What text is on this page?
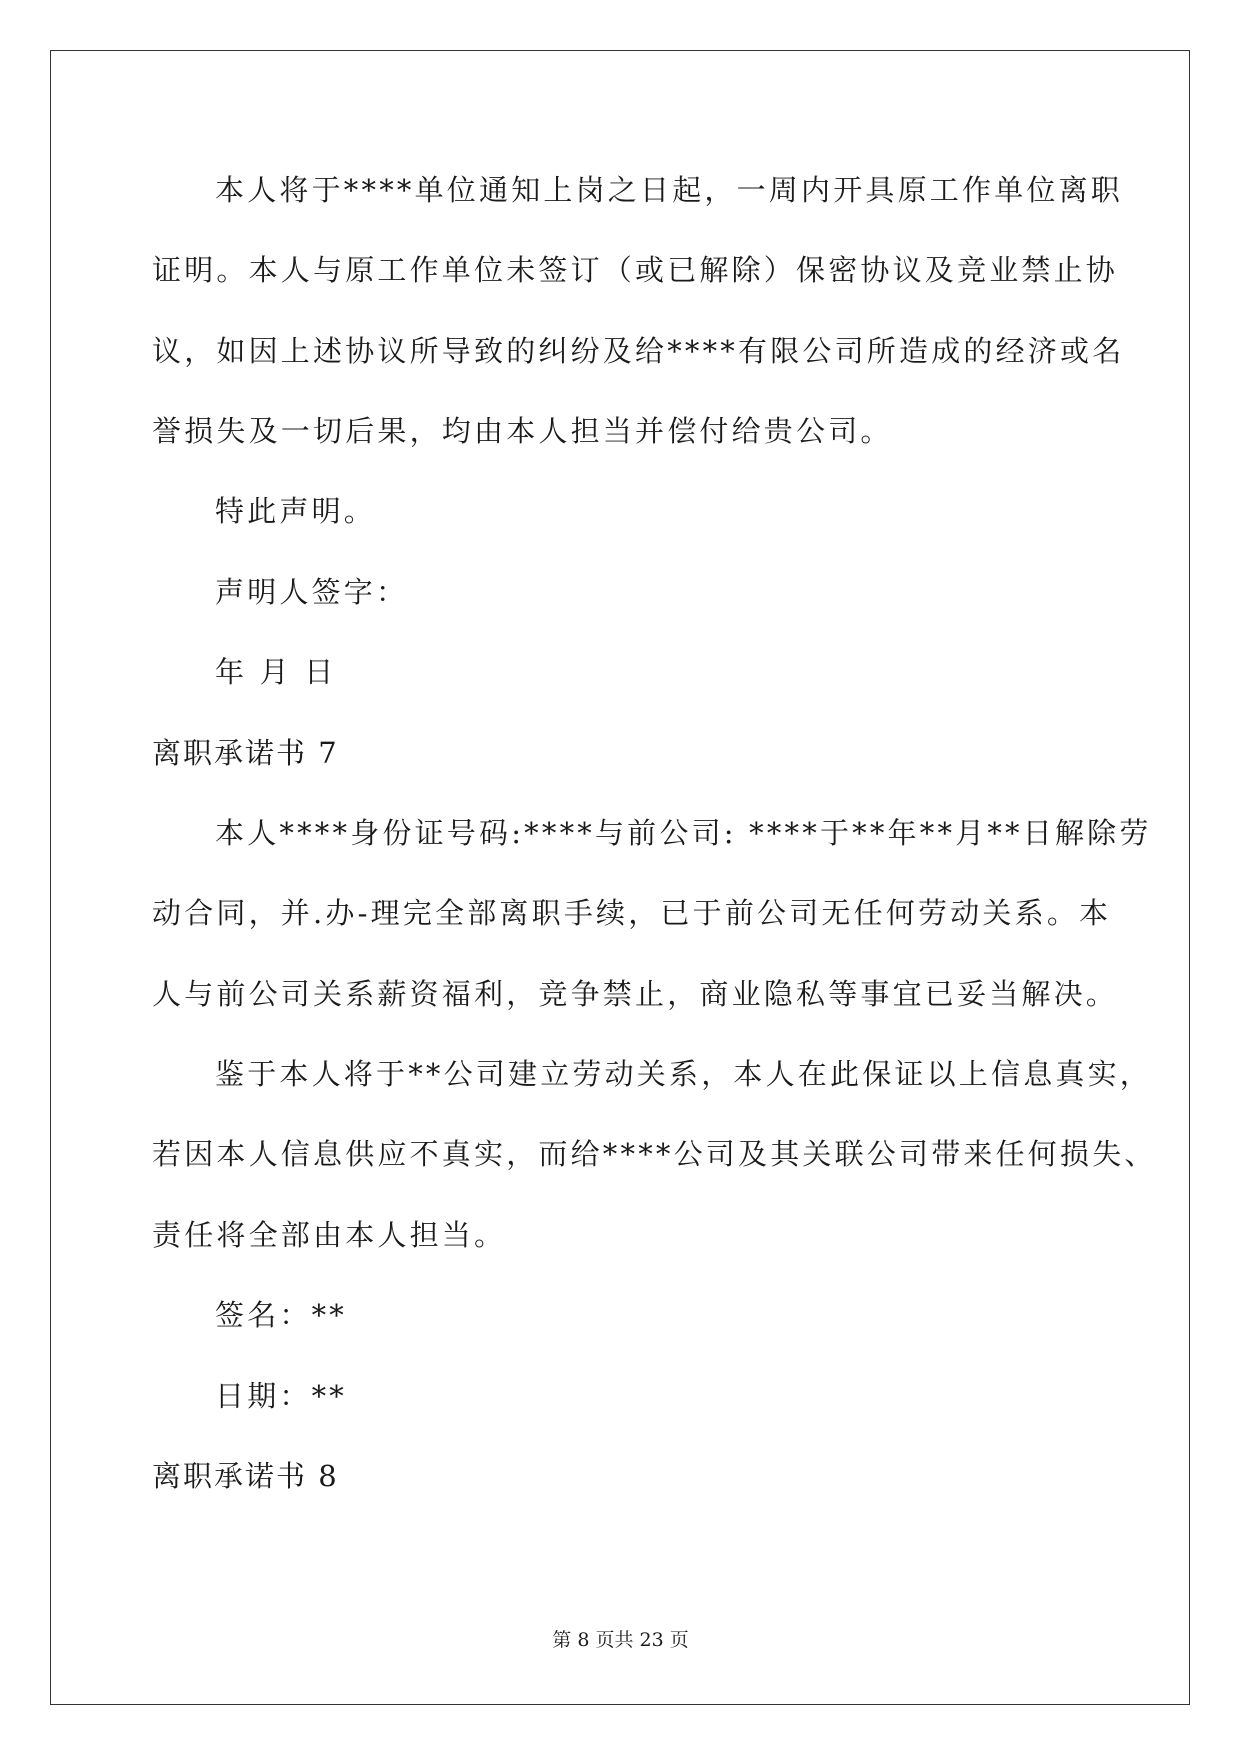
本人将于****单位通知上岗之日起，一周内开具原工作单位离职
证明。本人与原工作单位未签订（或已解除）保密协议及竞业禁止协
议，如因上述协议所导致的纠纷及给****有限公司所造成的经济或名
誉损失及一切后果，均由本人担当并偿付给贵公司。
特此声明。
声明人签字：
年 月 日
离职承诺书 7
本人****身份证号码:****与前公司: ****于**年**月**日解除劳
动合同，并.办-理完全部离职手续，已于前公司无任何劳动关系。本
人与前公司关系薪资福利，竞争禁止，商业隐私等事宜已妥当解决。
鉴于本人将于**公司建立劳动关系，本人在此保证以上信息真实，
若因本人信息供应不真实，而给****公司及其关联公司带来任何损失、
责任将全部由本人担当。
签名：**
日期：**
离职承诺书 8
第 8 页共 23 页
